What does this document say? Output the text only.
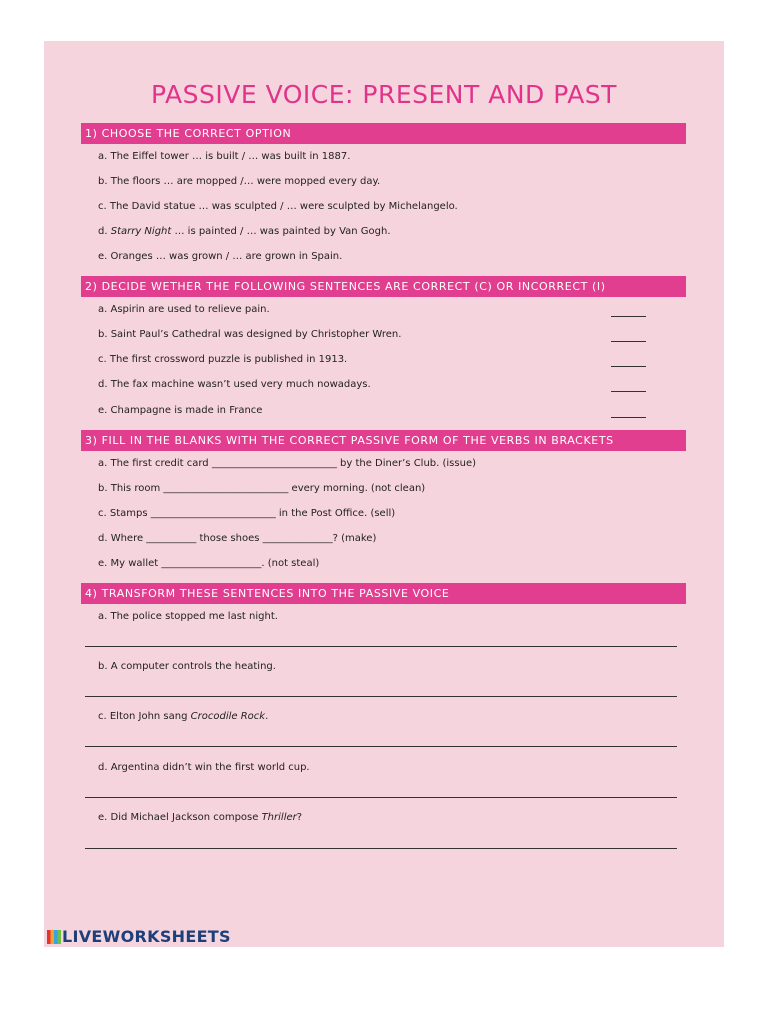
PASSIVE VOICE: PRESENT AND PAST
1) CHOOSE THE CORRECT OPTION
a. The Eiffel tower … is built / … was built in 1887.
b. The floors … are mopped /… were mopped every day.
c. The David statue … was sculpted / … were sculpted by Michelangelo.
d. Starry Night … is painted / … was painted by Van Gogh.
e. Oranges … was grown / … are grown in Spain.
2) DECIDE WETHER THE FOLLOWING SENTENCES ARE CORRECT (C) OR INCORRECT (I)
a. Aspirin are used to relieve pain.
b. Saint Paul’s Cathedral was designed by Christopher Wren.
c. The first crossword puzzle is published in 1913.
d. The fax machine wasn’t used very much nowadays.
e. Champagne is made in France
3) FILL IN THE BLANKS WITH THE CORRECT PASSIVE FORM OF THE VERBS IN BRACKETS
a. The first credit card _________________________ by the Diner’s Club. (issue)
b. This room _________________________ every morning. (not clean)
c. Stamps _________________________ in the Post Office. (sell)
d. Where __________ those shoes ______________? (make)
e. My wallet ____________________. (not steal)
4) TRANSFORM THESE SENTENCES INTO THE PASSIVE VOICE
a. The police stopped me last night.
b. A computer controls the heating.
c. Elton John sang Crocodile Rock.
d. Argentina didn’t win the first world cup.
e. Did Michael Jackson compose Thriller?
LIVEWORKSHEETS
